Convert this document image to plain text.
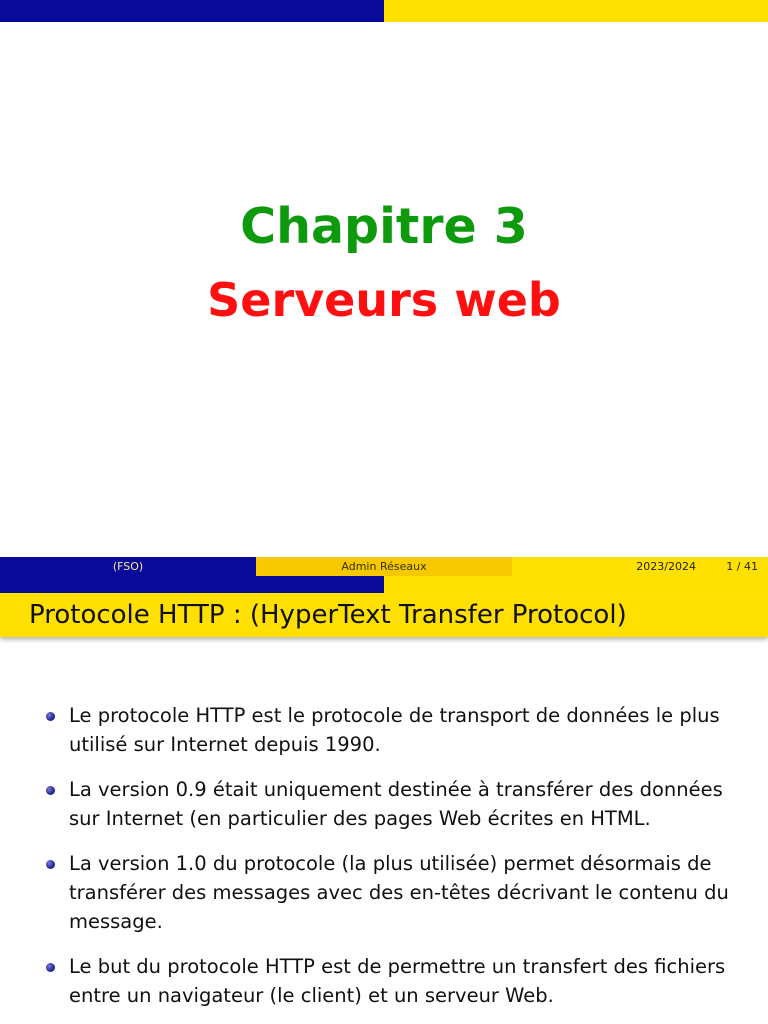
Chapitre 3
Serveurs web
(FSO)	Admin Réseaux	2023/2024	1 / 41
Protocole HTTP : (HyperText Transfer Protocol)
Le protocole HTTP est le protocole de transport de données le plus utilisé sur Internet depuis 1990.
La version 0.9 était uniquement destinée à transférer des données sur Internet (en particulier des pages Web écrites en HTML.
La version 1.0 du protocole (la plus utilisée) permet désormais de transférer des messages avec des en-têtes décrivant le contenu du message.
Le but du protocole HTTP est de permettre un transfert des fichiers entre un navigateur (le client) et un serveur Web.
